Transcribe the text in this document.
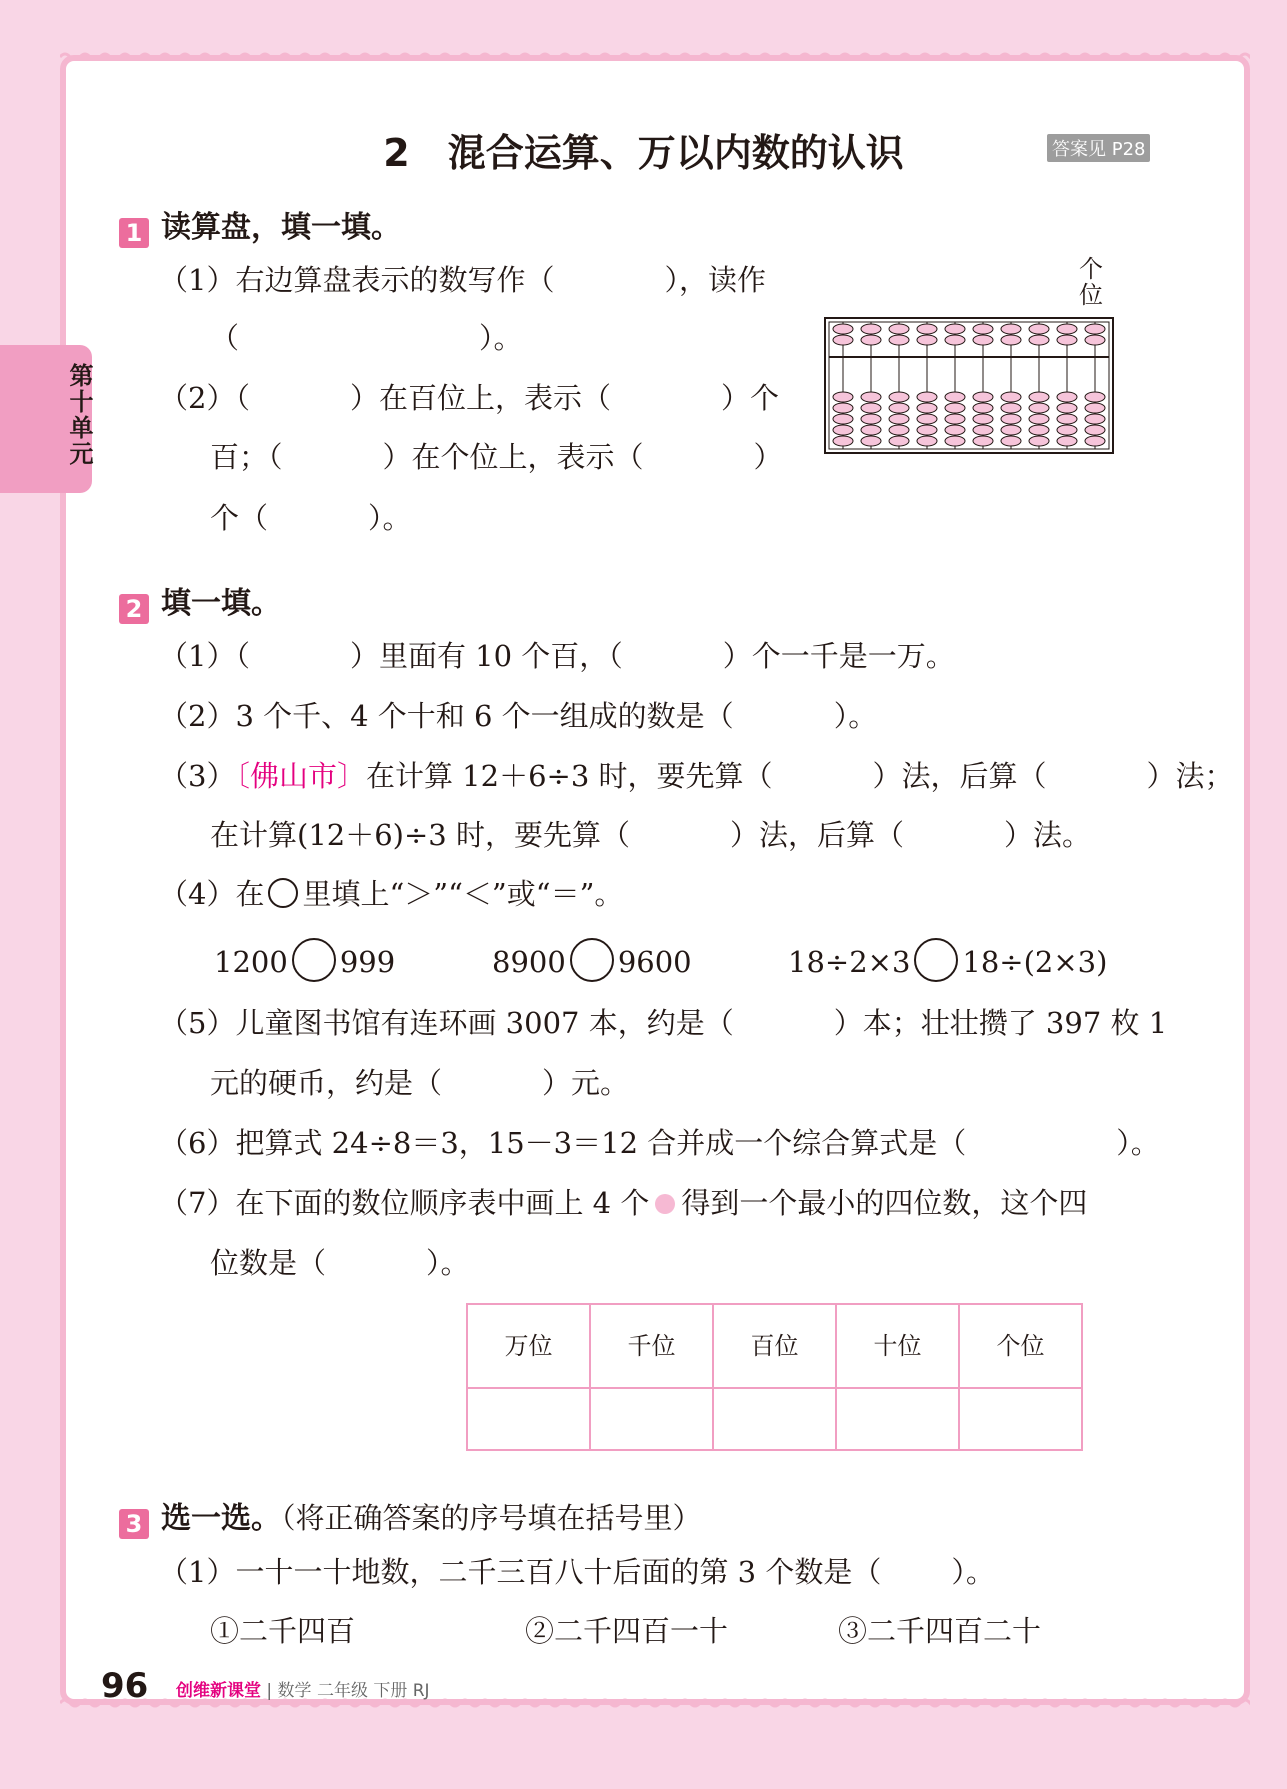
第十单元
2　混合运算、万以内数的认识	答案见 P28
1 读算盘，填一填。
（1）右边算盘表示的数写作（	），读作
（	）。
（2）（	）在百位上，表示（	）个
百；（	）在个位上，表示（	）
个（	）。
个位
2 填一填。
（1）（	）里面有 10 个百，（	）个一千是一万。
（2）3 个千、4 个十和 6 个一组成的数是（	）。
（3）〔佛山市〕在计算 12＋6÷3 时，要先算（	）法，后算（	）法；
在计算(12＋6)÷3 时，要先算（	）法，后算（	）法。
（4）在 里填上“＞”“＜”或“＝”。
1200 999	8900 9600	18÷2×3 18÷(2×3)
（5）儿童图书馆有连环画 3007 本，约是（	）本；壮壮攒了 397 枚 1
元的硬币，约是（	）元。
（6）把算式 24÷8＝3，15－3＝12 合并成一个综合算式是（	）。
（7）在下面的数位顺序表中画上 4 个 得到一个最小的四位数，这个四
位数是（	）。
万位	千位	百位	十位	个位

3 选一选。（将正确答案的序号填在括号里）
（1）一十一十地数，二千三百八十后面的第 3 个数是（ ）。
①二千四百	②二千四百一十	③二千四百二十
96 创维新课堂 | 数学 二年级 下册 RJ
